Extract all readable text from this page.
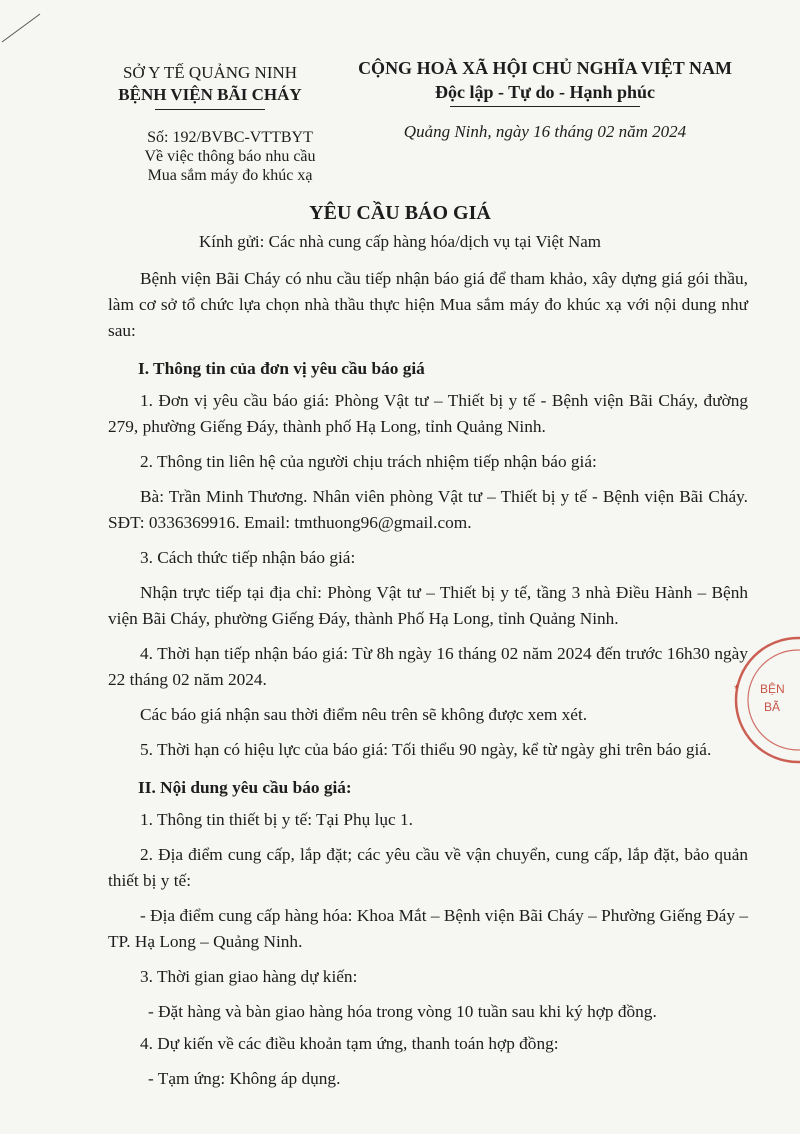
SỞ Y TẾ QUẢNG NINH
BỆNH VIỆN BÃI CHÁY
CỘNG HOÀ XÃ HỘI CHỦ NGHĨA VIỆT NAM
Độc lập - Tự do - Hạnh phúc
Số: 192/BVBC-VTTBYT
Về việc thông báo nhu cầu
Mua sắm máy đo khúc xạ
Quảng Ninh, ngày 16 tháng 02 năm 2024
YÊU CẦU BÁO GIÁ
Kính gửi: Các nhà cung cấp hàng hóa/dịch vụ tại Việt Nam

Bệnh viện Bãi Cháy có nhu cầu tiếp nhận báo giá để tham khảo, xây dựng giá gói thầu, làm cơ sở tổ chức lựa chọn nhà thầu thực hiện Mua sắm máy đo khúc xạ với nội dung như sau:

I. Thông tin của đơn vị yêu cầu báo giá

1. Đơn vị yêu cầu báo giá: Phòng Vật tư – Thiết bị y tế - Bệnh viện Bãi Cháy, đường 279, phường Giếng Đáy, thành phố Hạ Long, tỉnh Quảng Ninh.

2. Thông tin liên hệ của người chịu trách nhiệm tiếp nhận báo giá:

Bà: Trần Minh Thương. Nhân viên phòng Vật tư – Thiết bị y tế - Bệnh viện Bãi Cháy. SĐT: 0336369916. Email: tmthuong96@gmail.com.

3. Cách thức tiếp nhận báo giá:

Nhận trực tiếp tại địa chỉ: Phòng Vật tư – Thiết bị y tế, tầng 3 nhà Điều Hành – Bệnh viện Bãi Cháy, phường Giếng Đáy, thành Phố Hạ Long, tỉnh Quảng Ninh.

4. Thời hạn tiếp nhận báo giá: Từ 8h ngày 16 tháng 02 năm 2024 đến trước 16h30 ngày 22 tháng 02 năm 2024.

Các báo giá nhận sau thời điểm nêu trên sẽ không được xem xét.

5. Thời hạn có hiệu lực của báo giá: Tối thiểu 90 ngày, kể từ ngày ghi trên báo giá.

II. Nội dung yêu cầu báo giá:

1. Thông tin thiết bị y tế: Tại Phụ lục 1.

2. Địa điểm cung cấp, lắp đặt; các yêu cầu về vận chuyển, cung cấp, lắp đặt, bảo quản thiết bị y tế:

- Địa điểm cung cấp hàng hóa: Khoa Mắt – Bệnh viện Bãi Cháy – Phường Giếng Đáy – TP. Hạ Long – Quảng Ninh.

3. Thời gian giao hàng dự kiến:

- Đặt hàng và bàn giao hàng hóa trong vòng 10 tuần sau khi ký hợp đồng.

4. Dự kiến về các điều khoản tạm ứng, thanh toán hợp đồng:

- Tạm ứng: Không áp dụng.

* BỆN
BÃ
